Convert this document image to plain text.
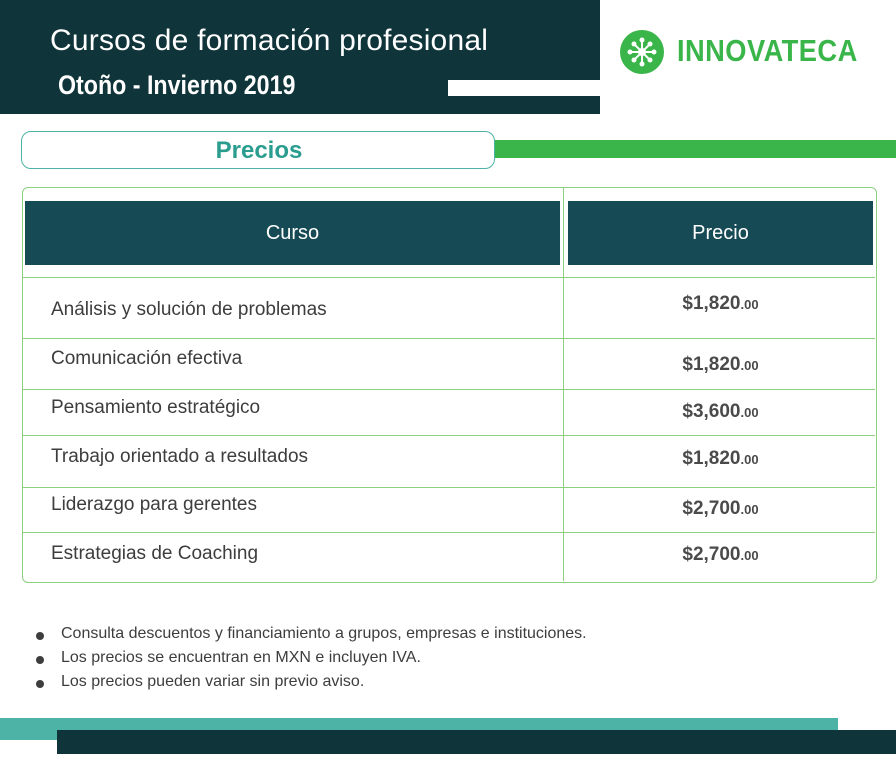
Cursos de formación profesional
Otoño - Invierno 2019
INNOVATECA
Precios
Curso	Precio
Análisis y solución de problemas	$1,820.00
Comunicación efectiva	$1,820.00
Pensamiento estratégico	$3,600.00
Trabajo orientado a resultados	$1,820.00
Liderazgo para gerentes	$2,700.00
Estrategias de Coaching	$2,700.00
Consulta descuentos y financiamiento a grupos, empresas e instituciones.
Los precios se encuentran en MXN e incluyen IVA.
Los precios pueden variar sin previo aviso.
